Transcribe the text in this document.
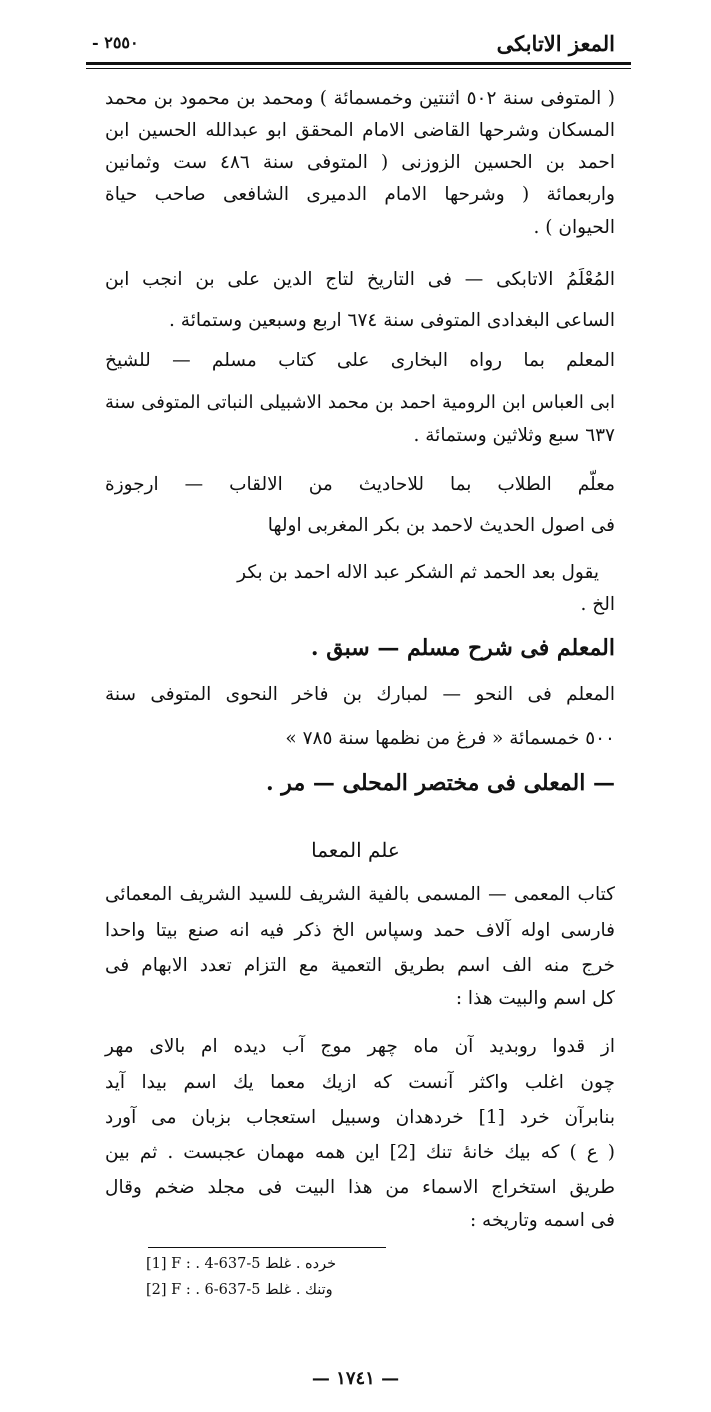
المعز الاتابكى
- ٢٥٥٠
( المتوفى سنة ٥٠٢ اثنتين وخمسمائة ) ومحمد بن محمود بن محمد
المسكان وشرحها القاضى الامام المحقق ابو عبدالله الحسين ابن
احمد بن الحسين الزوزنى ( المتوفى سنة ٤٨٦ ست وثمانين
واربعمائة ( وشرحها الامام الدميرى الشافعى صاحب حياة
الحيوان ) .
المُعْلَمُ الاتابكى — فى التاريخ لتاج الدين على بن انجب ابن
الساعى البغدادى المتوفى سنة ٦٧٤ اربع وسبعين وستمائة .
المعلم بما رواه البخارى على كتاب مسلم — للشيخ
ابى العباس ابن الرومية احمد بن محمد الاشبيلى النباتى المتوفى سنة
٦٣٧ سبع وثلاثين وستمائة .
معلّم الطلاب بما للاحاديث من الالقاب — ارجوزة
فى اصول الحديث لاحمد بن بكر المغربى اولها
يقول بعد الحمد ثم الشكر عبد الاله احمد بن بكر
الخ .
المعلم فى شرح مسلم — سبق .
المعلم فى النحو — لمبارك بن فاخر النحوى المتوفى سنة
٥٠٠ خمسمائة « فرغ من نظمها سنة ٧٨٥ »
— المعلى فى مختصر المحلى — مر .
علم المعما
كتاب المعمى — المسمى بالفية الشريف للسيد الشريف المعمائى
فارسى اوله آلاف حمد وسپاس الخ ذكر فيه انه صنع بيتا واحدا
خرج منه الف اسم بطريق التعمية مع التزام تعدد الابهام فى
كل اسم والبيت هذا :
از قدوا روبديد آن ماه چهر موج آب ديده ام بالاى مهر
چون اغلب واكثر آنست كه ازيك معما يك اسم بيدا آيد
بنابرآن خرد [1] خردهدان وسبيل استعجاب بزبان مى آورد
( ع ) كه بيك خانۀ تنك [2] اين همه مهمان عجبست . ثم بين
طريق استخراج الاسماء من هذا البيت فى مجلد ضخم وقال
فى اسمه وتاريخه :
[1] F : . 4-637-5 خرده . غلط
[2] F : . 6-637-5 وتنك . غلط
— ١٧٤١ —
